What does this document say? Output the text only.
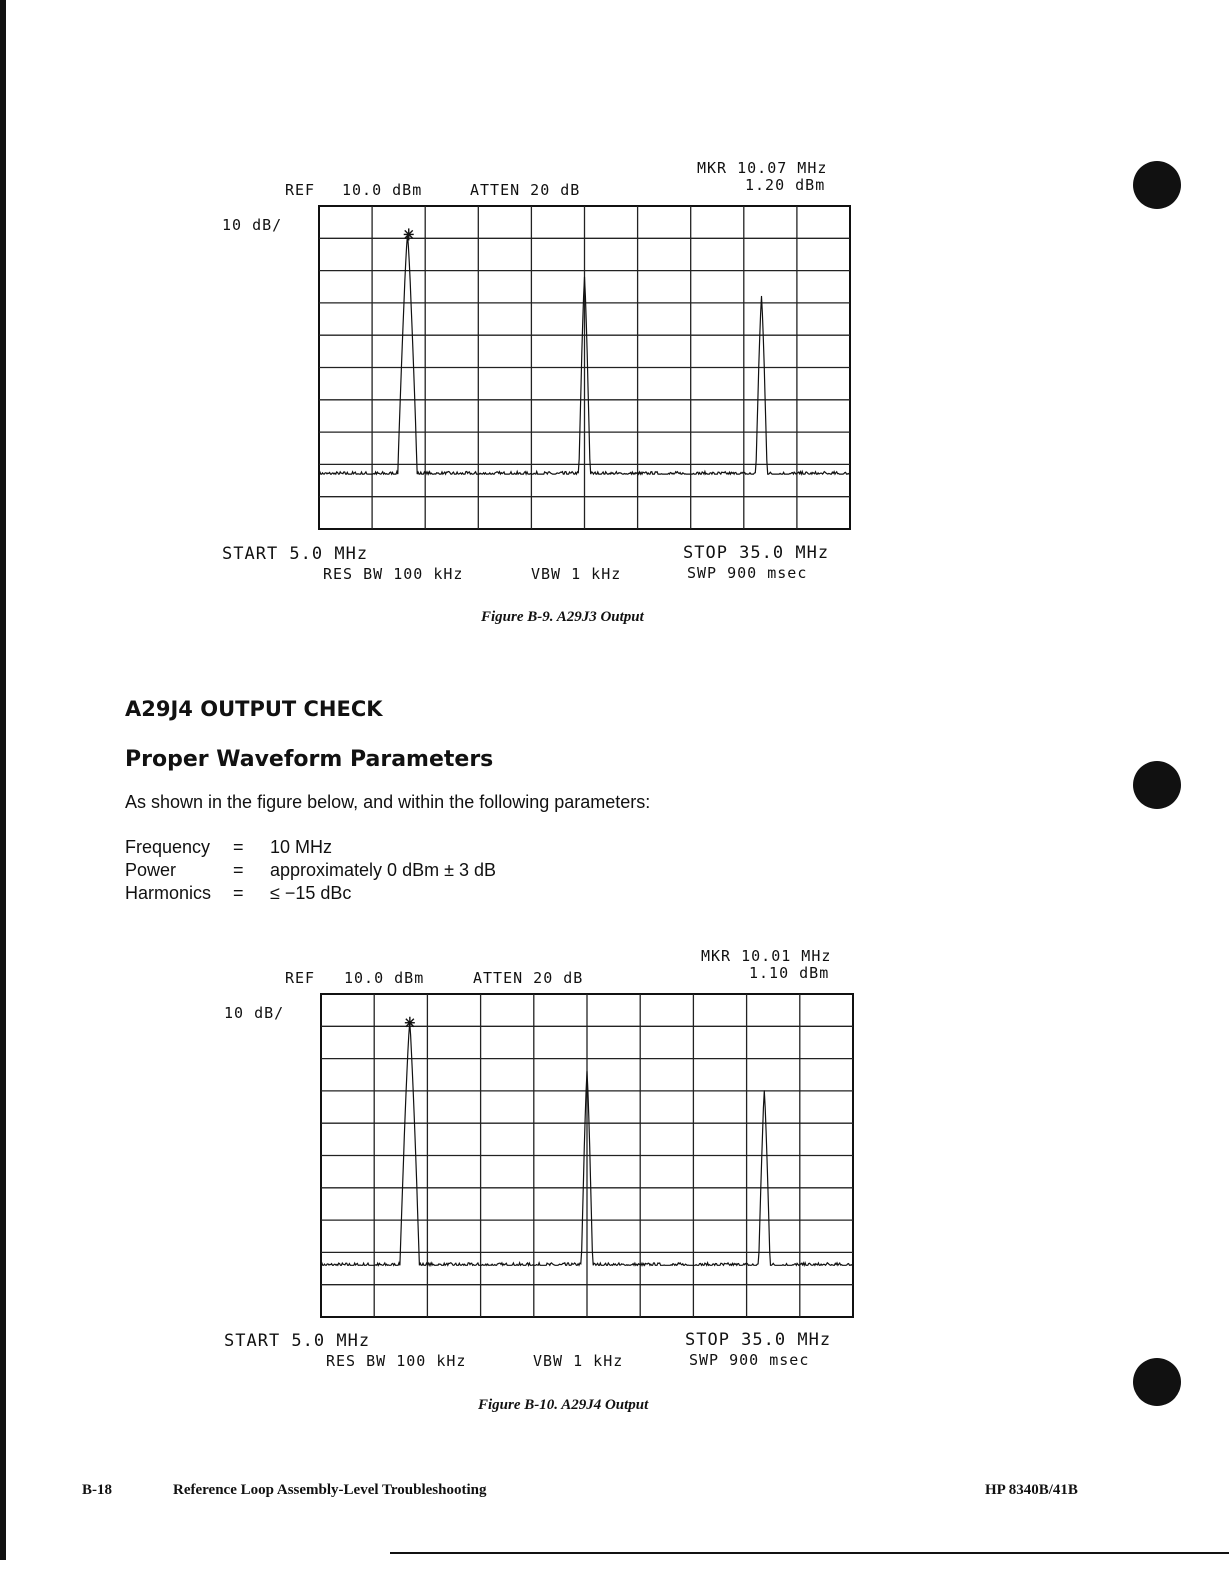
REF 10.0 dBm	ATTEN 20 dB
MKR 10.07 MHz
1.20 dBm
10 dB/
START 5.0 MHz	STOP 35.0 MHz
RES BW 100 kHz	VBW 1 kHz	SWP 900 msec
Figure B-9. A29J3 Output
A29J4 OUTPUT CHECK
Proper Waveform Parameters
As shown in the figure below, and within the following parameters:
Frequency	=	10 MHz
Power	=	approximately 0 dBm ± 3 dB
Harmonics	=	≤ −15 dBc
REF 10.0 dBm	ATTEN 20 dB
MKR 10.01 MHz
1.10 dBm
10 dB/
START 5.0 MHz	STOP 35.0 MHz
RES BW 100 kHz	VBW 1 kHz	SWP 900 msec
Figure B-10. A29J4 Output
B-18	Reference Loop Assembly-Level Troubleshooting	HP 8340B/41B
